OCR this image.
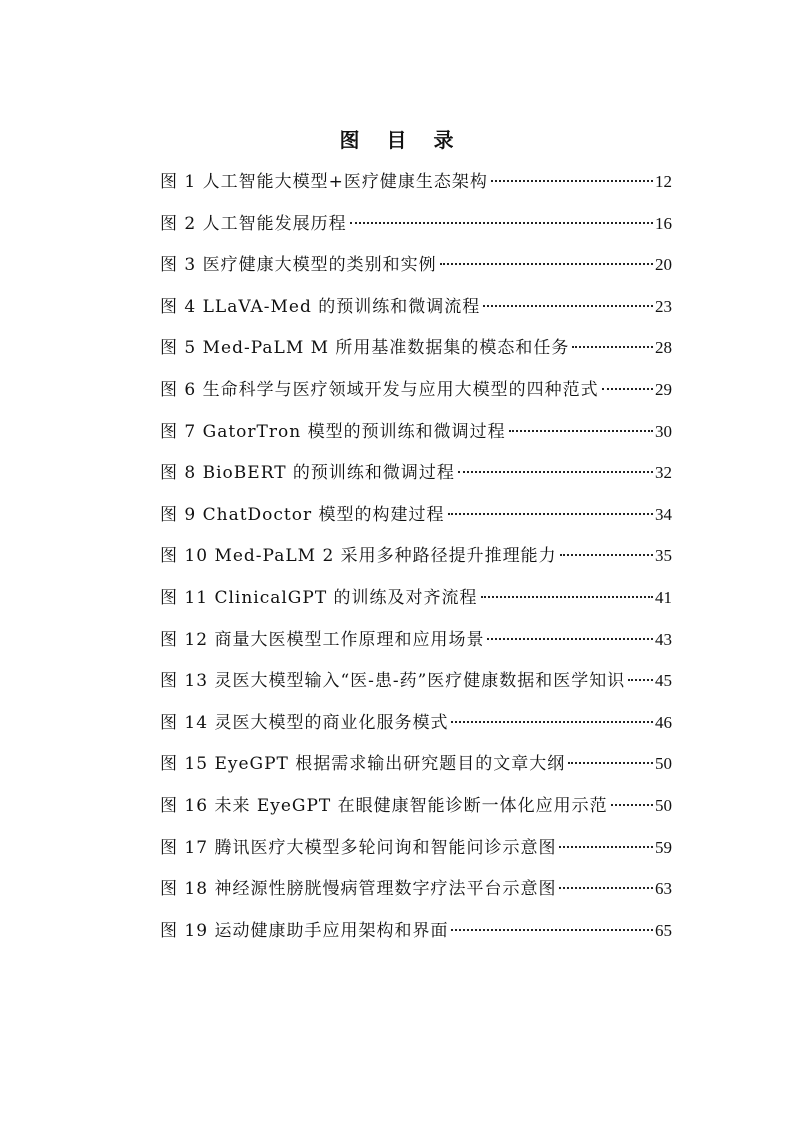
图 目 录
图 1 人工智能大模型+医疗健康生态架构	12
图 2 人工智能发展历程	16
图 3 医疗健康大模型的类别和实例	20
图 4 LLaVA-Med 的预训练和微调流程	23
图 5 Med-PaLM M 所用基准数据集的模态和任务	28
图 6 生命科学与医疗领域开发与应用大模型的四种范式	29
图 7 GatorTron 模型的预训练和微调过程	30
图 8 BioBERT 的预训练和微调过程	32
图 9 ChatDoctor 模型的构建过程	34
图 10 Med-PaLM 2 采用多种路径提升推理能力	35
图 11 ClinicalGPT 的训练及对齐流程	41
图 12 商量大医模型工作原理和应用场景	43
图 13 灵医大模型输入“医-患-药”医疗健康数据和医学知识 45
图 14 灵医大模型的商业化服务模式	46
图 15 EyeGPT 根据需求输出研究题目的文章大纲	50
图 16 未来 EyeGPT 在眼健康智能诊断一体化应用示范	50
图 17 腾讯医疗大模型多轮问询和智能问诊示意图	59
图 18 神经源性膀胱慢病管理数字疗法平台示意图	63
图 19 运动健康助手应用架构和界面	65
